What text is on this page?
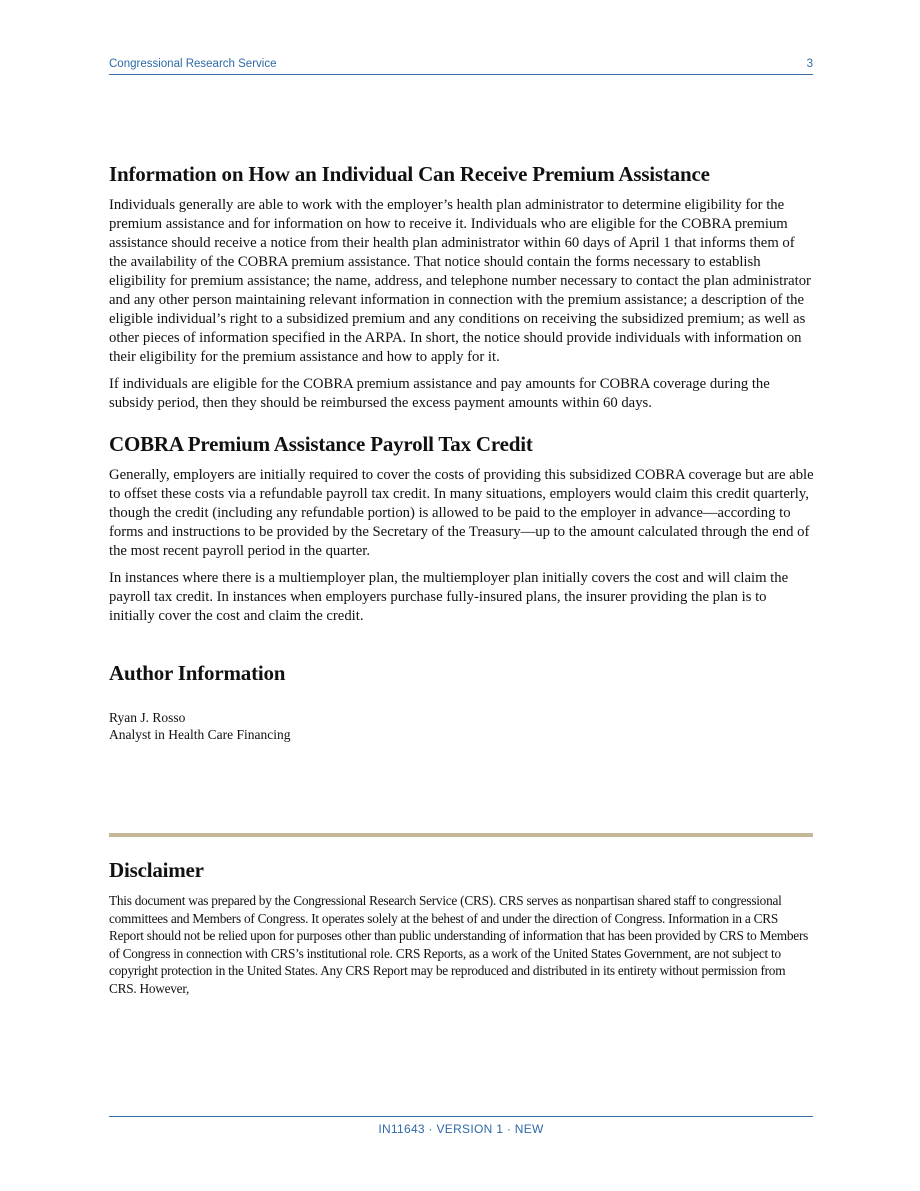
Congressional Research Service	3
Information on How an Individual Can Receive Premium Assistance

Individuals generally are able to work with the employer’s health plan administrator to determine eligibility for the premium assistance and for information on how to receive it. Individuals who are eligible for the COBRA premium assistance should receive a notice from their health plan administrator within 60 days of April 1 that informs them of the availability of the COBRA premium assistance. That notice should contain the forms necessary to establish eligibility for premium assistance; the name, address, and telephone number necessary to contact the plan administrator and any other person maintaining relevant information in connection with the premium assistance; a description of the eligible individual’s right to a subsidized premium and any conditions on receiving the subsidized premium; as well as other pieces of information specified in the ARPA. In short, the notice should provide individuals with information on their eligibility for the premium assistance and how to apply for it.

If individuals are eligible for the COBRA premium assistance and pay amounts for COBRA coverage during the subsidy period, then they should be reimbursed the excess payment amounts within 60 days.

COBRA Premium Assistance Payroll Tax Credit

Generally, employers are initially required to cover the costs of providing this subsidized COBRA coverage but are able to offset these costs via a refundable payroll tax credit. In many situations, employers would claim this credit quarterly, though the credit (including any refundable portion) is allowed to be paid to the employer in advance—according to forms and instructions to be provided by the Secretary of the Treasury—up to the amount calculated through the end of the most recent payroll period in the quarter.

In instances where there is a multiemployer plan, the multiemployer plan initially covers the cost and will claim the payroll tax credit. In instances when employers purchase fully-insured plans, the insurer providing the plan is to initially cover the cost and claim the credit.

Author Information
Ryan J. Rosso
Analyst in Health Care Financing
Disclaimer

This document was prepared by the Congressional Research Service (CRS). CRS serves as nonpartisan shared staff to congressional committees and Members of Congress. It operates solely at the behest of and under the direction of Congress. Information in a CRS Report should not be relied upon for purposes other than public understanding of information that has been provided by CRS to Members of Congress in connection with CRS’s institutional role. CRS Reports, as a work of the United States Government, are not subject to copyright protection in the United States. Any CRS Report may be reproduced and distributed in its entirety without permission from CRS. However,

IN11643 · VERSION 1 · NEW
